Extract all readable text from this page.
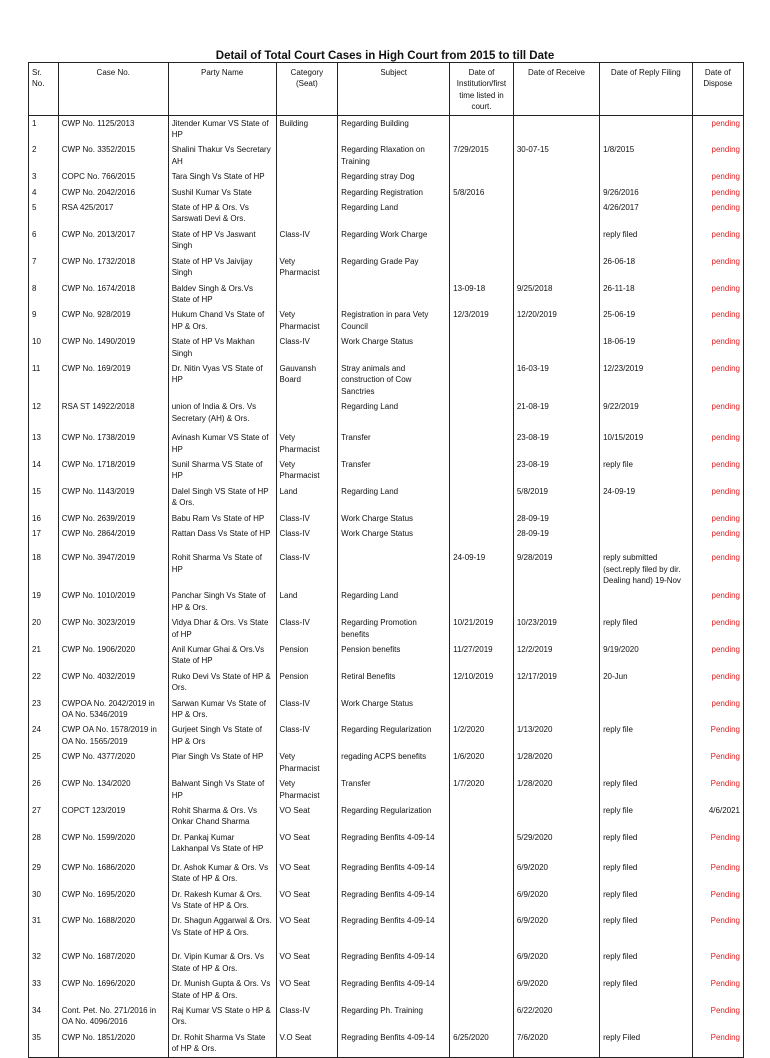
Detail of Total Court Cases in High Court from 2015 to till Date
Sr. No.	Case No.	Party Name	Category (Seat)	Subject	Date of Institution/first time listed in court.	Date of Receive	Date of Reply Filing	Date of Dispose
1	CWP No. 1125/2013	Jitender Kumar VS State of HP	Building	Regarding Building				pending
2	CWP No. 3352/2015	Shalini Thakur Vs Secretary AH		Regarding Rlaxation on Training	7/29/2015	30-07-15	1/8/2015	pending
3	COPC No. 766/2015	Tara Singh Vs State of HP		Regarding stray Dog				pending
4	CWP No. 2042/2016	Sushil Kumar Vs State		Regarding Registration	5/8/2016		9/26/2016	pending
5	RSA 425/2017	State of HP & Ors. Vs Sarswati Devi & Ors.		Regarding Land			4/26/2017	pending
6	CWP No. 2013/2017	State of HP Vs Jaswant Singh	Class-IV	Regarding Work Charge			reply filed	pending
7	CWP No. 1732/2018	State of HP Vs Jaivijay Singh	Vety Pharmacist	Regarding Grade Pay			26-06-18	pending
8	CWP No. 1674/2018	Baldev Singh & Ors.Vs State of HP			13-09-18	9/25/2018	26-11-18	pending
9	CWP No. 928/2019	Hukum Chand Vs State of HP & Ors.	Vety Pharmacist	Registration in para Vety Council	12/3/2019	12/20/2019	25-06-19	pending
10	CWP No. 1490/2019	State of HP Vs Makhan Singh	Class-IV	Work Charge Status			18-06-19	pending
11	CWP No. 169/2019	Dr. Nitin Vyas VS State of HP	Gauvansh Board	Stray animals and construction of Cow Sanctries		16-03-19	12/23/2019	pending
12	RSA ST 14922/2018	union of India & Ors. Vs Secretary (AH) & Ors.		Regarding Land		21-08-19	9/22/2019	pending
13	CWP No. 1738/2019	Avinash Kumar VS State of HP	Vety Pharmacist	Transfer		23-08-19	10/15/2019	pending
14	CWP No. 1718/2019	Sunil Sharma VS State of HP	Vety Pharmacist	Transfer		23-08-19	reply file	pending
15	CWP No. 1143/2019	Dalel Singh VS State of HP & Ors.	Land	Regarding Land		5/8/2019	24-09-19	pending
16	CWP No. 2639/2019	Babu Ram Vs State of HP	Class-IV	Work Charge Status		28-09-19		pending
17	CWP No. 2864/2019	Rattan Dass Vs State of HP	Class-IV	Work Charge Status		28-09-19		pending
18	CWP No. 3947/2019	Rohit Sharma Vs State of HP	Class-IV		24-09-19	9/28/2019	reply submitted (sect.reply filed by dir. Dealing hand) 19-Nov	pending
19	CWP No. 1010/2019	Panchar Singh Vs State of HP & Ors.	Land	Regarding Land				pending
20	CWP No. 3023/2019	Vidya Dhar & Ors. Vs State of HP	Class-IV	Regarding Promotion benefits	10/21/2019	10/23/2019	reply filed	pending
21	CWP No. 1906/2020	Anil Kumar Ghai & Ors.Vs State of HP	Pension	Pension benefits	11/27/2019	12/2/2019	9/19/2020	pending
22	CWP No. 4032/2019	Ruko Devi Vs State of HP & Ors.	Pension	Retiral Benefits	12/10/2019	12/17/2019	20-Jun	pending
23	CWPOA No. 2042/2019 in OA No. 5346/2019	Sarwan Kumar Vs State of HP & Ors.	Class-IV	Work Charge Status				pending
24	CWP OA No. 1578/2019 in OA No. 1565/2019	Gurjeet Singh Vs State of HP & Ors	Class-IV	Regarding Regularization	1/2/2020	1/13/2020	reply file	Pending
25	CWP No. 4377/2020	Piar Singh Vs State of HP	Vety Pharmacist	regading ACPS benefits	1/6/2020	1/28/2020		Pending
26	CWP No. 134/2020	Balwant Singh Vs State of HP	Vety Pharmacist	Transfer	1/7/2020	1/28/2020	reply filed	Pending
27	COPCT 123/2019	Rohit Sharma & Ors. Vs Onkar Chand Sharma	VO Seat	Regarding Regularization			reply file	4/6/2021
28	CWP No. 1599/2020	Dr. Pankaj Kumar Lakhanpal Vs State of HP	VO Seat	Regrading Benfits 4-09-14		5/29/2020	reply filed	Pending
29	CWP No. 1686/2020	Dr. Ashok Kumar & Ors. Vs State of HP & Ors.	VO Seat	Regrading Benfits 4-09-14		6/9/2020	reply filed	Pending
30	CWP No. 1695/2020	Dr. Rakesh Kumar & Ors. Vs State of HP & Ors.	VO Seat	Regrading Benfits 4-09-14		6/9/2020	reply filed	Pending
31	CWP No. 1688/2020	Dr. Shagun Aggarwal & Ors. Vs State of HP & Ors.	VO Seat	Regrading Benfits 4-09-14		6/9/2020	reply filed	Pending
32	CWP No. 1687/2020	Dr. Vipin Kumar & Ors. Vs State of HP & Ors.	VO Seat	Regrading Benfits 4-09-14		6/9/2020	reply filed	Pending
33	CWP No. 1696/2020	Dr. Munish Gupta & Ors. Vs State of HP & Ors.	VO Seat	Regrading Benfits 4-09-14		6/9/2020	reply filed	Pending
34	Cont. Pet. No. 271/2016 in OA No. 4096/2016	Raj Kumar VS State o HP & Ors.	Class-IV	Regarding Ph. Training		6/22/2020		Pending
35	CWP No. 1851/2020	Dr. Rohit Sharma Vs State of HP & Ors.	V.O Seat	Regrading Benfits 4-09-14	6/25/2020	7/6/2020	reply Filed	Pending
